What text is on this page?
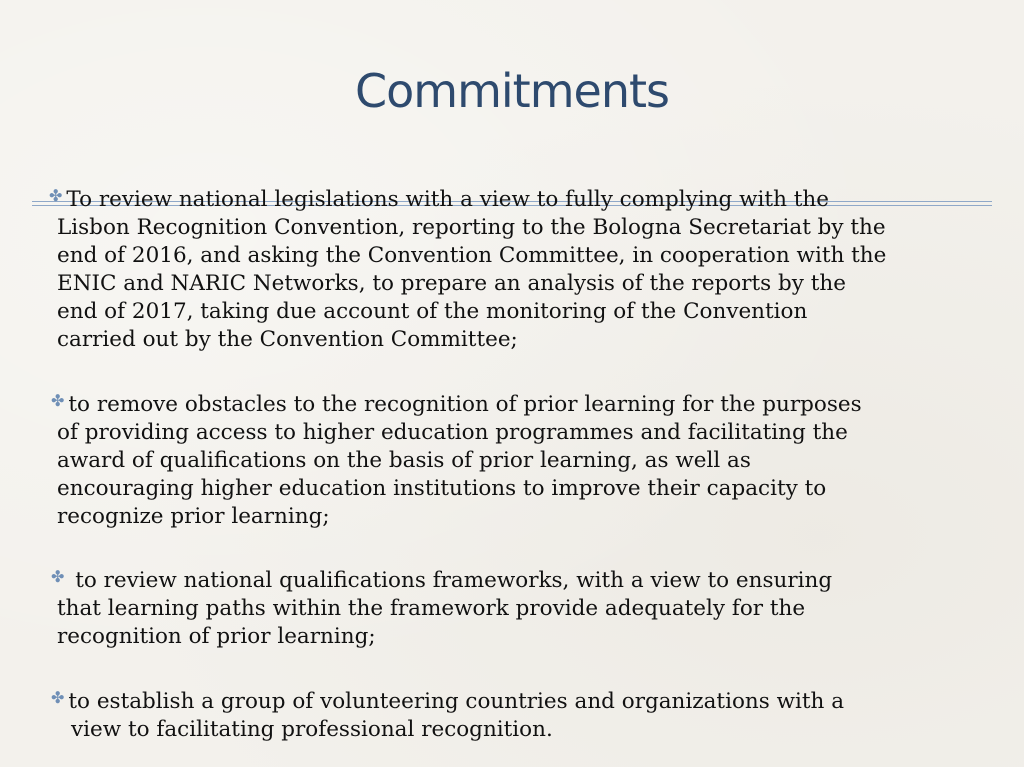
Commitments
✤ To review national legislations with a view to fully complying with the
Lisbon Recognition Convention, reporting to the Bologna Secretariat by the
end of 2016, and asking the Convention Committee, in cooperation with the
ENIC and NARIC Networks, to prepare an analysis of the reports by the
end of 2017, taking due account of the monitoring of the Convention
carried out by the Convention Committee;
✤ to remove obstacles to the recognition of prior learning for the purposes
of providing access to higher education programmes and facilitating the
award of qualifications on the basis of prior learning, as well as
encouraging higher education institutions to improve their capacity to
recognize prior learning;
✤ to review national qualifications frameworks, with a view to ensuring
that learning paths within the framework provide adequately for the
recognition of prior learning;
✤ to establish a group of volunteering countries and organizations with a
view to facilitating professional recognition.
